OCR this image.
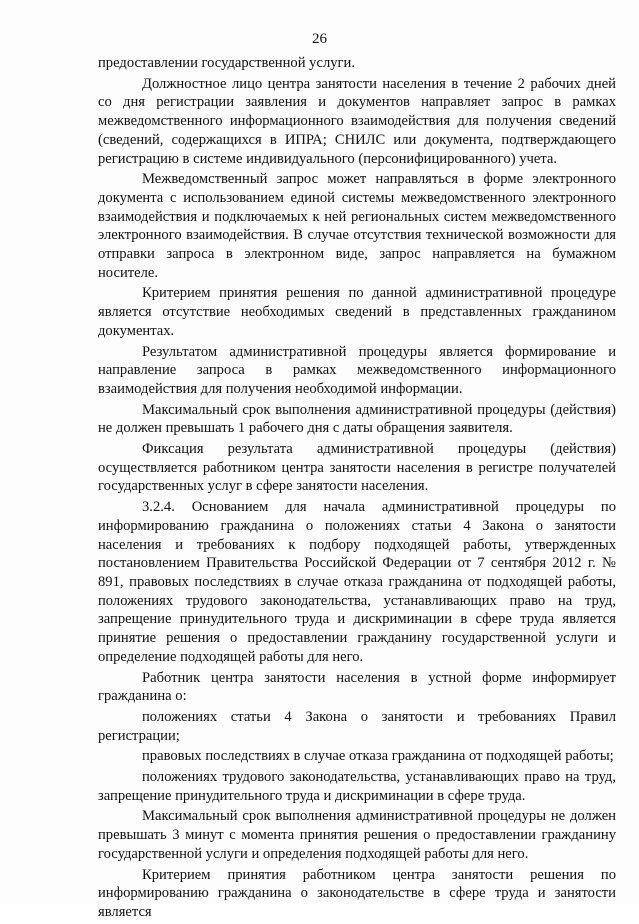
26

предоставлении государственной услуги.

Должностное лицо центра занятости населения в течение 2 рабочих дней со дня регистрации заявления и документов направляет запрос в рамках межведомственного информационного взаимодействия для получения сведений (сведений, содержащихся в ИПРА; СНИЛС или документа, подтверждающего регистрацию в системе индивидуального (персонифицированного) учета.

Межведомственный запрос может направляться в форме электронного документа с использованием единой системы межведомственного электронного взаимодействия и подключаемых к ней региональных систем межведомственного электронного взаимодействия. В случае отсутствия технической возможности для отправки запроса в электронном виде, запрос направляется на бумажном носителе.

Критерием принятия решения по данной административной процедуре является отсутствие необходимых сведений в представленных гражданином документах.

Результатом административной процедуры является формирование и направление запроса в рамках межведомственного информационного взаимодействия для получения необходимой информации.

Максимальный срок выполнения административной процедуры (действия) не должен превышать 1 рабочего дня с даты обращения заявителя.

Фиксация результата административной процедуры (действия) осуществляется работником центра занятости населения в регистре получателей государственных услуг в сфере занятости населения.

3.2.4. Основанием для начала административной процедуры по информированию гражданина о положениях статьи 4 Закона о занятости населения и требованиях к подбору подходящей работы, утвержденных постановлением Правительства Российской Федерации от 7 сентября 2012 г. № 891, правовых последствиях в случае отказа гражданина от подходящей работы, положениях трудового законодательства, устанавливающих право на труд, запрещение принудительного труда и дискриминации в сфере труда является принятие решения о предоставлении гражданину государственной услуги и определение подходящей работы для него.

Работник центра занятости населения в устной форме информирует гражданина о:

положениях статьи 4 Закона о занятости и требованиях Правил регистрации;

правовых последствиях в случае отказа гражданина от подходящей работы;

положениях трудового законодательства, устанавливающих право на труд, запрещение принудительного труда и дискриминации в сфере труда.

Максимальный срок выполнения административной процедуры не должен превышать 3 минут с момента принятия решения о предоставлении гражданину государственной услуги и определения подходящей работы для него.

Критерием принятия работником центра занятости решения по информированию гражданина о законодательстве в сфере труда и занятости является
